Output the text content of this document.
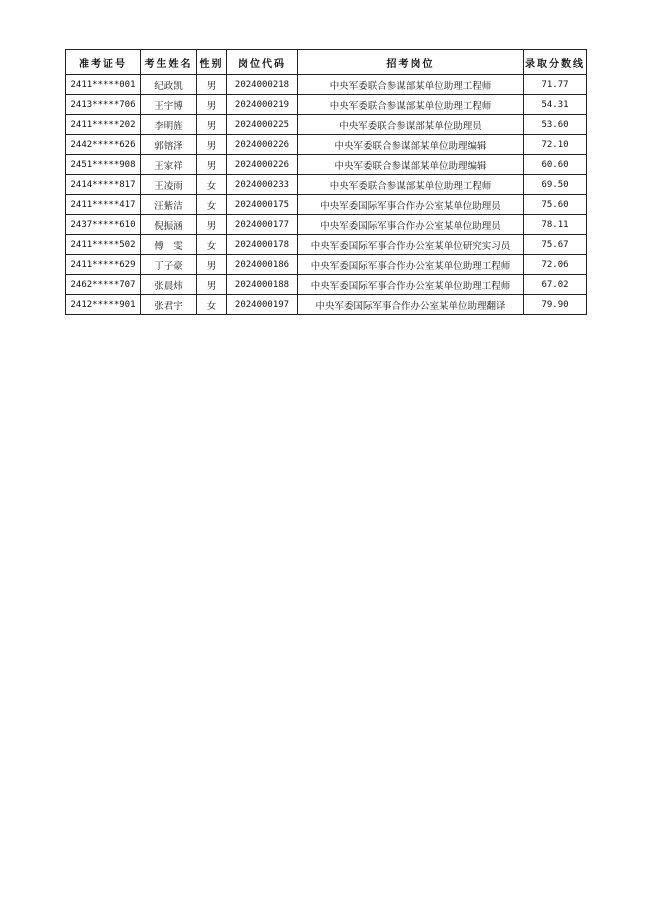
准考证号	考生姓名	性别	岗位代码	招考岗位	录取分数线
2411*****001	纪政凯	男	2024000218	中央军委联合参谋部某单位助理工程师	71.77
2413*****706	王宇博	男	2024000219	中央军委联合参谋部某单位助理工程师	54.31
2411*****202	李明旌	男	2024000225	中央军委联合参谋部某单位助理员	53.60
2442*****626	郭镕泽	男	2024000226	中央军委联合参谋部某单位助理编辑	72.10
2451*****908	王家祥	男	2024000226	中央军委联合参谋部某单位助理编辑	60.60
2414*****817	王凌雨	女	2024000233	中央军委联合参谋部某单位助理工程师	69.50
2411*****417	汪紫洁	女	2024000175	中央军委国际军事合作办公室某单位助理员	75.60
2437*****610	倪振涵	男	2024000177	中央军委国际军事合作办公室某单位助理员	78.11
2411*****502	傅　雯	女	2024000178	中央军委国际军事合作办公室某单位研究实习员	75.67
2411*****629	丁子豪	男	2024000186	中央军委国际军事合作办公室某单位助理工程师	72.06
2462*****707	张晨炜	男	2024000188	中央军委国际军事合作办公室某单位助理工程师	67.02
2412*****901	张君宇	女	2024000197	中央军委国际军事合作办公室某单位助理翻译	79.90
